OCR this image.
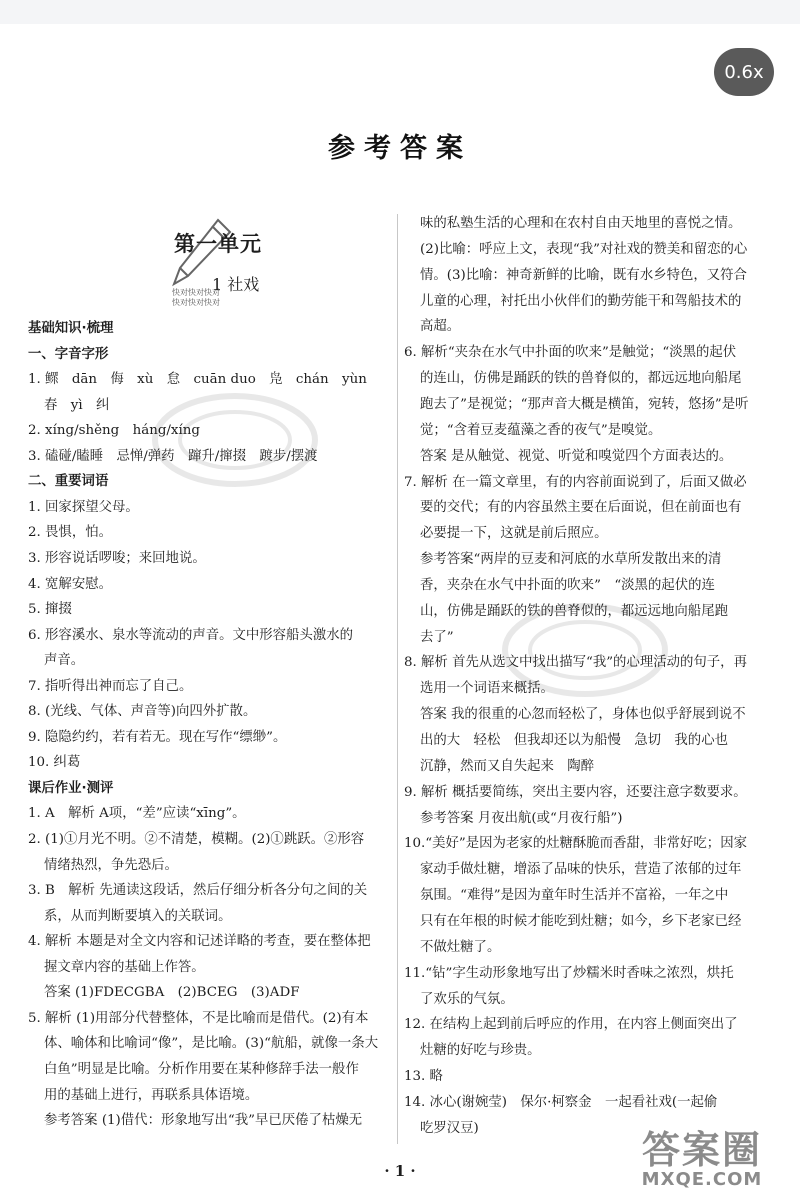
0.6x
参考答案
第一单元
1 社戏
快对快对快对
快对快对快对
基础知识·梳理
一、字音字形
1. 鳏　dān　侮　xù　怠　cuān duo　凫　chán　yùn
春　yì　纠
2. xíng/shěng　háng/xíng
3. 磕碰/瞌睡　忌惮/弹药　蹿升/撺掇　踱步/摆渡
二、重要词语
1. 回家探望父母。
2. 畏惧，怕。
3. 形容说话啰唆；来回地说。
4. 宽解安慰。
5. 撺掇
6. 形容溪水、泉水等流动的声音。文中形容船头激水的
声音。
7. 指听得出神而忘了自己。
8. (光线、气体、声音等)向四外扩散。
9. 隐隐约约，若有若无。现在写作“缥缈”。
10. 纠葛
课后作业·测评
1. A　解析 A项，“差”应读“xīng”。
2. (1)①月光不明。②不清楚，模糊。(2)①跳跃。②形容
情绪热烈，争先恐后。
3. B　解析 先通读这段话，然后仔细分析各分句之间的关
系，从而判断要填入的关联词。
4. 解析 本题是对全文内容和记述详略的考查，要在整体把
握文章内容的基础上作答。
答案 (1)FDECGBA　(2)BCEG　(3)ADF
5. 解析 (1)用部分代替整体，不是比喻而是借代。(2)有本
体、喻体和比喻词“像”，是比喻。(3)“航船，就像一条大
白鱼”明显是比喻。分析作用要在某种修辞手法一般作
用的基础上进行，再联系具体语境。
参考答案 (1)借代：形象地写出“我”早已厌倦了枯燥无
味的私塾生活的心理和在农村自由天地里的喜悦之情。
(2)比喻：呼应上文，表现“我”对社戏的赞美和留恋的心
情。(3)比喻：神奇新鲜的比喻，既有水乡特色，又符合
儿童的心理，衬托出小伙伴们的勤劳能干和驾船技术的
高超。
6. 解析“夹杂在水气中扑面的吹来”是触觉；“淡黑的起伏
的连山，仿佛是踊跃的铁的兽脊似的，都远远地向船尾
跑去了”是视觉；“那声音大概是横笛，宛转，悠扬”是听
觉；“含着豆麦蕴藻之香的夜气”是嗅觉。
答案 是从触觉、视觉、听觉和嗅觉四个方面表达的。
7. 解析 在一篇文章里，有的内容前面说到了，后面又做必
要的交代；有的内容虽然主要在后面说，但在前面也有
必要提一下，这就是前后照应。
参考答案“两岸的豆麦和河底的水草所发散出来的清
香，夹杂在水气中扑面的吹来”　“淡黑的起伏的连
山，仿佛是踊跃的铁的兽脊似的，都远远地向船尾跑
去了”
8. 解析 首先从选文中找出描写“我”的心理活动的句子，再
选用一个词语来概括。
答案 我的很重的心忽而轻松了，身体也似乎舒展到说不
出的大　轻松　但我却还以为船慢　急切　我的心也
沉静，然而又自失起来　陶醉
9. 解析 概括要简练，突出主要内容，还要注意字数要求。
参考答案 月夜出航(或“月夜行船”)
10.“美好”是因为老家的灶糖酥脆而香甜，非常好吃；因家
家动手做灶糖，增添了品味的快乐，营造了浓郁的过年
氛围。“难得”是因为童年时生活并不富裕，一年之中
只有在年根的时候才能吃到灶糖；如今，乡下老家已经
不做灶糖了。
11.“钻”字生动形象地写出了炒糯米时香味之浓烈，烘托
了欢乐的气氛。
12. 在结构上起到前后呼应的作用，在内容上侧面突出了
灶糖的好吃与珍贵。
13. 略
14. 冰心(谢婉莹)　保尔·柯察金　一起看社戏(一起偷
吃罗汉豆)
· 1 ·	答案圈
MXQE.COM
